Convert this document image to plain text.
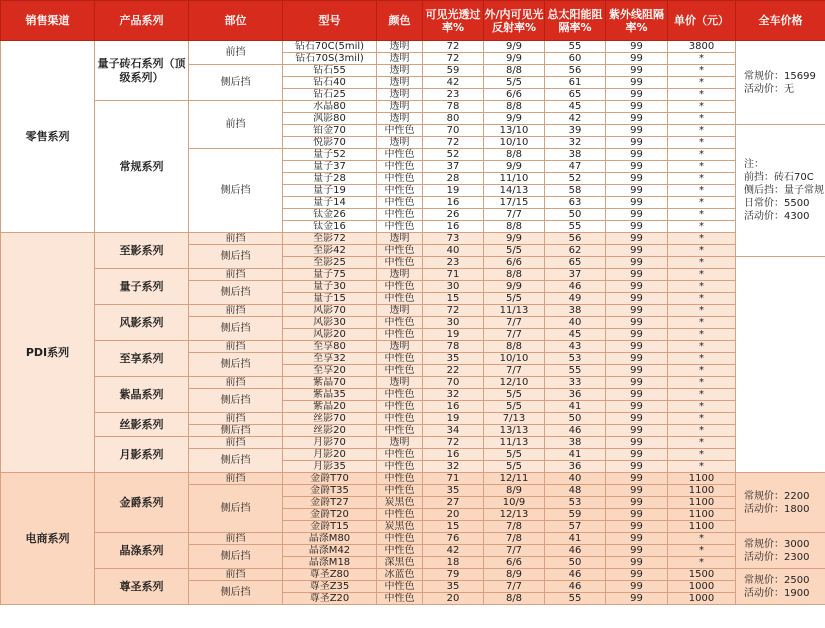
销售渠道	产品系列	部位	型号	颜色	可见光透过率%	外/内可见光反射率%	总太阳能阻隔率%	紫外线阻隔率%	单价（元）	全车价格	
零售系列	量子砖石系列（顶级系列）	前挡	钻石70C(5mil)	透明	72	9/9	55	99	3800	常规价：15699
活动价：无	

			钻石70S(3mil)	透明	72	9/9	60	99	*		
		侧后挡	钻石55	透明	59	8/8	56	99	*		
			钻石40	透明	42	5/5	61	99	*		
			钻石25	透明	23	6/6	65	99	*		
	常规系列	前挡	水晶80	透明	78	8/8	45	99	*		
			沨影80	透明	80	9/9	42	99	*		
			铂金70	中性色	70	13/10	39	99	*	注：
前挡：砖石70C
侧后挡：量子常规
日常价：5500
活动价：4300	

			悦影70	透明	72	10/10	32	99	*		
		侧后挡	量子52	中性色	52	8/8	38	99	*		
			量子37	中性色	37	9/9	47	99	*		
			量子28	中性色	28	11/10	52	99	*		
			量子19	中性色	19	14/13	58	99	*		
			量子14	中性色	16	17/15	63	99	*		
			钛金26	中性色	26	7/7	50	99	*		
			钛金16	中性色	16	8/8	55	99	*		
PDI系列	至影系列	前挡	至影72	透明	73	9/9	56	99	*		
		侧后挡	至影42	中性色	40	5/5	62	99	*		
			至影25	中性色	23	6/6	65	99	*		
	量子系列	前挡	量子75	透明	71	8/8	37	99	*		
		侧后挡	量子30	中性色	30	9/9	46	99	*		
			量子15	中性色	15	5/5	49	99	*		
	风影系列	前挡	风影70	透明	72	11/13	38	99	*		
		侧后挡	风影30	中性色	30	7/7	40	99	*		
			风影20	中性色	19	7/7	45	99	*		
	至享系列	前挡	至享80	透明	78	8/8	43	99	*		
		侧后挡	至享32	中性色	35	10/10	53	99	*		
			至享20	中性色	22	7/7	55	99	*		
	紫晶系列	前挡	紫晶70	透明	70	12/10	33	99	*		
		侧后挡	紫晶35	中性色	32	5/5	36	99	*		
			紫晶20	中性色	16	5/5	41	99	*		
	丝影系列	前挡	丝影70	中性色	19	7/13	50	99	*		
		侧后挡	丝影20	中性色	34	13/13	46	99	*		
	月影系列	前挡	月影70	透明	72	11/13	38	99	*		
		侧后挡	月影20	中性色	16	5/5	41	99	*		
			月影35	中性色	32	5/5	36	99	*		
电商系列	金爵系列	前挡	金爵T70	中性色	71	12/11	40	99	1100	常规价：2200
活动价：1800	

		侧后挡	金爵T35	中性色	35	8/9	48	99	1100		
			金爵T27	炭黑色	27	10/9	53	99	1100		
			金爵T20	中性色	20	12/13	59	99	1100		
			金爵T15	炭黑色	15	7/8	57	99	1100		
	晶涤系列	前挡	晶涤M80	中性色	76	7/8	41	99	*	常规价：3000
活动价：2300	

		侧后挡	晶涤M42	中性色	42	7/7	46	99	*		
			晶涤M18	深黑色	18	6/6	50	99	*		
	尊圣系列	前挡	尊圣Z80	冰蓝色	79	8/9	46	99	1500	常规价：2500
活动价：1900	

		侧后挡	尊圣Z35	中性色	35	7/7	46	99	1000		
			尊圣Z20	中性色	20	8/8	55	99	1000		
